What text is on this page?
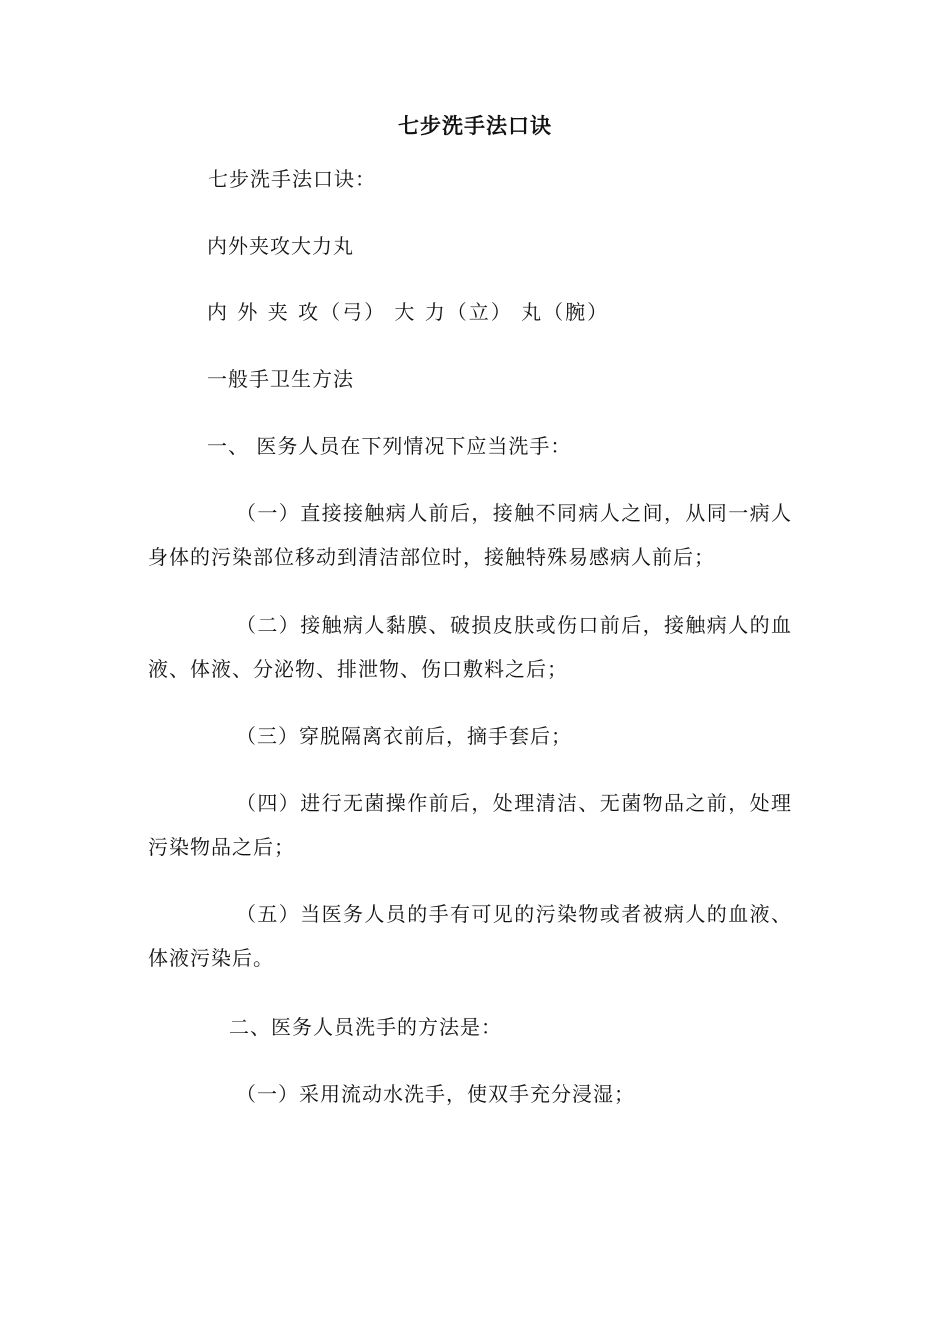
七步洗手法口诀
七步洗手法口诀：
内外夹攻大力丸
内 外 夹 攻（弓） 大 力（立） 丸（腕）
一般手卫生方法
一、 医务人员在下列情况下应当洗手：
（一）直接接触病人前后，接触不同病人之间，从同一病人身体的污染部位移动到清洁部位时，接触特殊易感病人前后；
（二）接触病人黏膜、破损皮肤或伤口前后，接触病人的血液、体液、分泌物、排泄物、伤口敷料之后；
（三）穿脱隔离衣前后，摘手套后；
（四）进行无菌操作前后，处理清洁、无菌物品之前，处理污染物品之后；
（五）当医务人员的手有可见的污染物或者被病人的血液、体液污染后。
二、医务人员洗手的方法是：
（一）采用流动水洗手，使双手充分浸湿；
